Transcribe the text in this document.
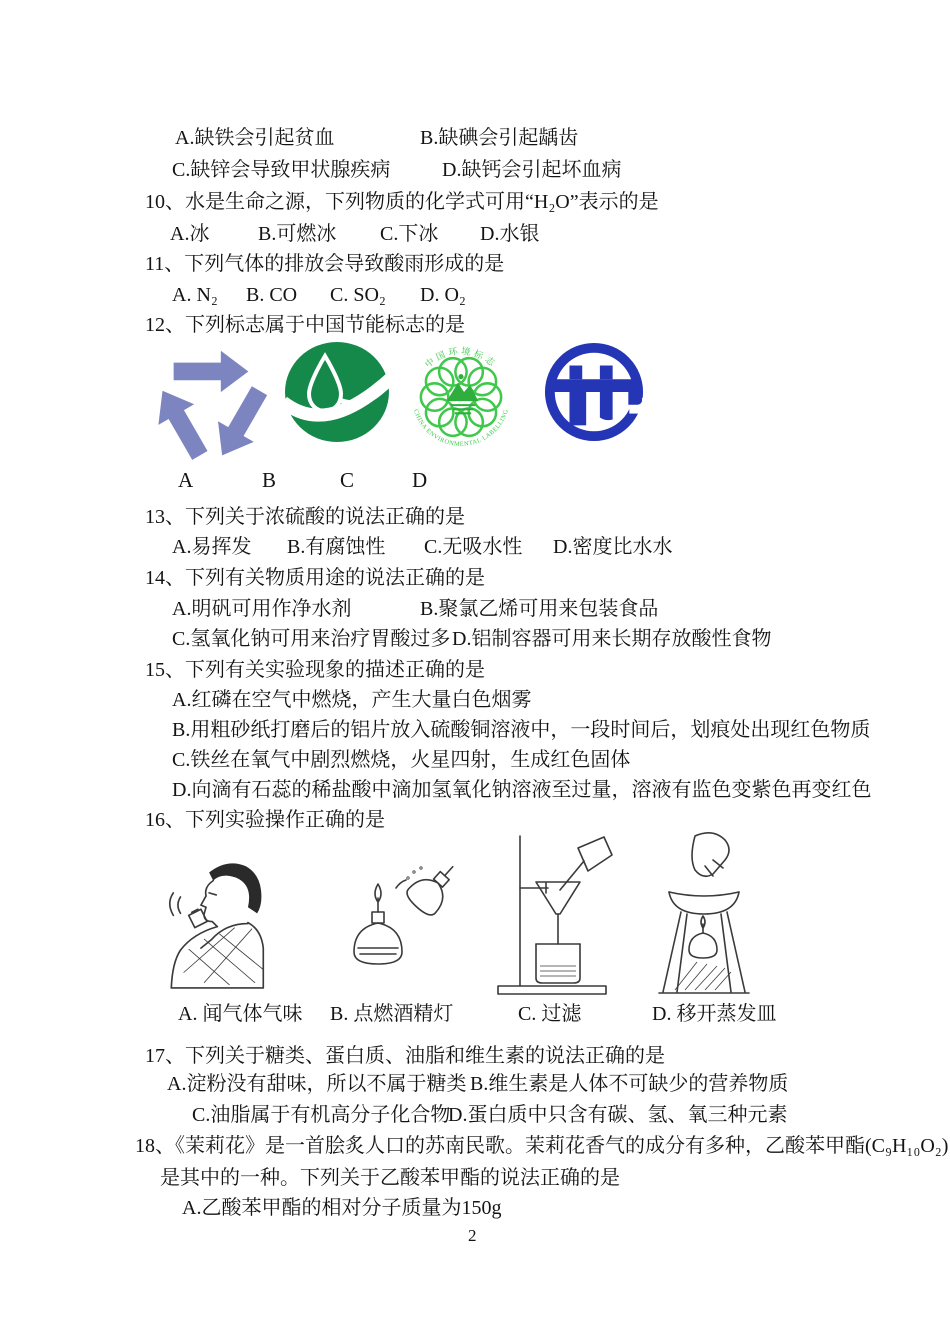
A.缺铁会引起贫血	B.缺碘会引起龋齿
C.缺锌会导致甲状腺疾病	D.缺钙会引起坏血病
10、水是生命之源，下列物质的化学式可用“H₂O”表示的是
A.冰 B.可燃冰 C.下冰 D.水银
11、下列气体的排放会导致酸雨形成的是
A. N₂ B. CO C. SO₂ D. O₂
12、下列标志属于中国节能标志的是
中国环境标志
CHINA ENVIRONMENTAL LABELLING
A	B	C	D
13、下列关于浓硫酸的说法正确的是
A.易挥发 B.有腐蚀性 C.无吸水性 D.密度比水水
14、下列有关物质用途的说法正确的是
A.明矾可用作净水剂	B.聚氯乙烯可用来包装食品
C.氢氧化钠可用来治疗胃酸过多 D.铝制容器可用来长期存放酸性食物
15、下列有关实验现象的描述正确的是
A.红磷在空气中燃烧，产生大量白色烟雾
B.用粗砂纸打磨后的铝片放入硫酸铜溶液中，一段时间后，划痕处出现红色物质
C.铁丝在氧气中剧烈燃烧，火星四射，生成红色固体
D.向滴有石蕊的稀盐酸中滴加氢氧化钠溶液至过量，溶液有监色变紫色再变红色
16、下列实验操作正确的是
A. 闻气体气味 B. 点燃酒精灯	C. 过滤	D. 移开蒸发皿
17、下列关于糖类、蛋白质、油脂和维生素的说法正确的是
A.淀粉没有甜味，所以不属于糖类 B.维生素是人体不可缺少的营养物质
C.油脂属于有机高分子化合物
D.蛋白质中只含有碳、氢、氧三种元素
18、《茉莉花》是一首脍炙人口的苏南民歌。茉莉花香气的成分有多种，乙酸苯甲酯(C₉H₁₀O₂)
是其中的一种。下列关于乙酸苯甲酯的说法正确的是
A.乙酸苯甲酯的相对分子质量为150g
2
